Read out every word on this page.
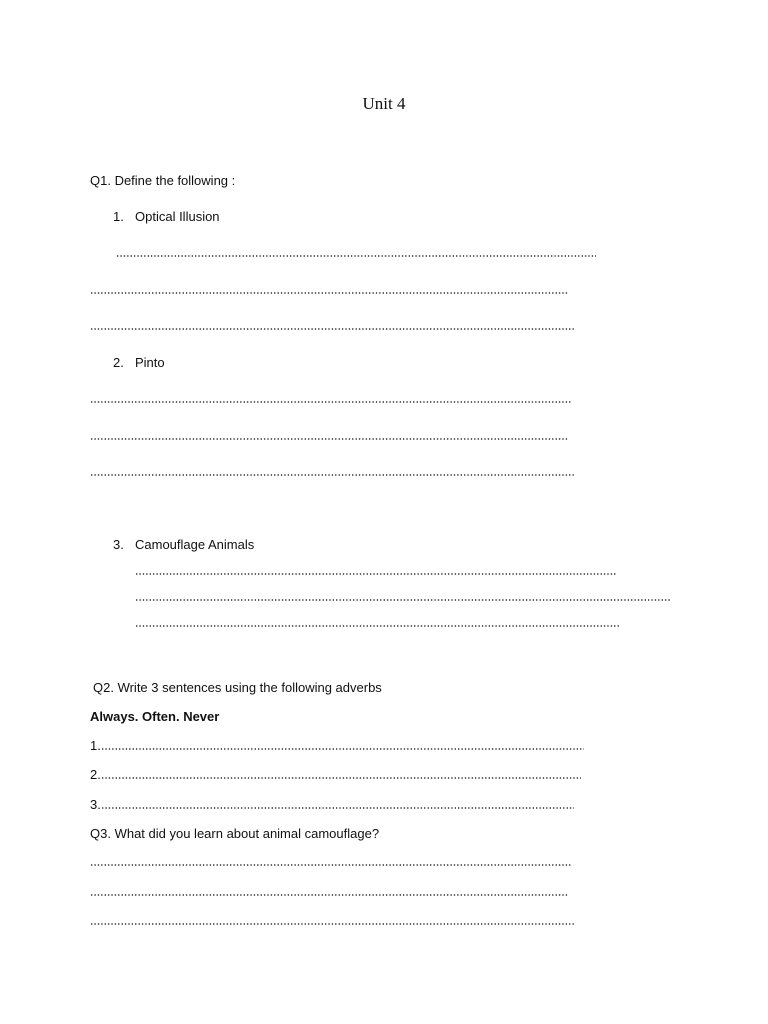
Unit 4
Q1. Define the following :
1. Optical Illusion
2. Pinto
3. Camouflage Animals
Q2. Write 3 sentences using the following adverbs
Always. Often. Never
1.
2.
3.
Q3. What did you learn about animal camouflage?
